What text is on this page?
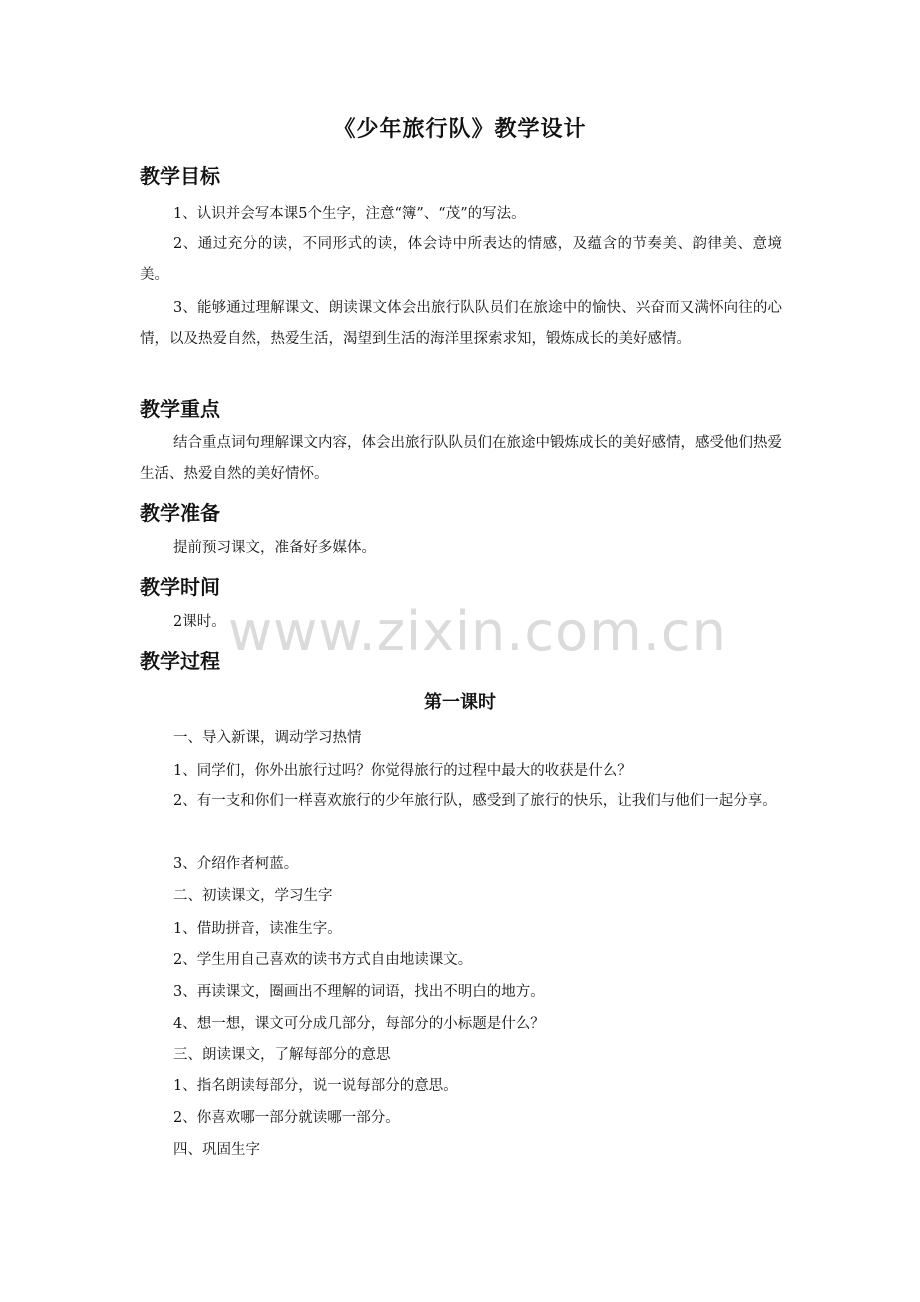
《少年旅行队》教学设计
教学目标
1、认识并会写本课5个生字，注意“簿”、“茂”的写法。
2、通过充分的读，不同形式的读，体会诗中所表达的情感，及蕴含的节奏美、韵律美、意境美。
3、能够通过理解课文、朗读课文体会出旅行队队员们在旅途中的愉快、兴奋而又满怀向往的心情，以及热爱自然，热爱生活，渴望到生活的海洋里探索求知，锻炼成长的美好感情。
教学重点
结合重点词句理解课文内容，体会出旅行队队员们在旅途中锻炼成长的美好感情，感受他们热爱生活、热爱自然的美好情怀。
教学准备
提前预习课文，准备好多媒体。
教学时间
2课时。
教学过程
第一课时
一、导入新课，调动学习热情
1、同学们，你外出旅行过吗？你觉得旅行的过程中最大的收获是什么？
2、有一支和你们一样喜欢旅行的少年旅行队，感受到了旅行的快乐，让我们与他们一起分享。
3、介绍作者柯蓝。
二、初读课文，学习生字
1、借助拼音，读准生字。
2、学生用自己喜欢的读书方式自由地读课文。
3、再读课文，圈画出不理解的词语，找出不明白的地方。
4、想一想，课文可分成几部分，每部分的小标题是什么？
三、朗读课文，了解每部分的意思
1、指名朗读每部分，说一说每部分的意思。
2、你喜欢哪一部分就读哪一部分。
四、巩固生字
www.zixin.com.cn
